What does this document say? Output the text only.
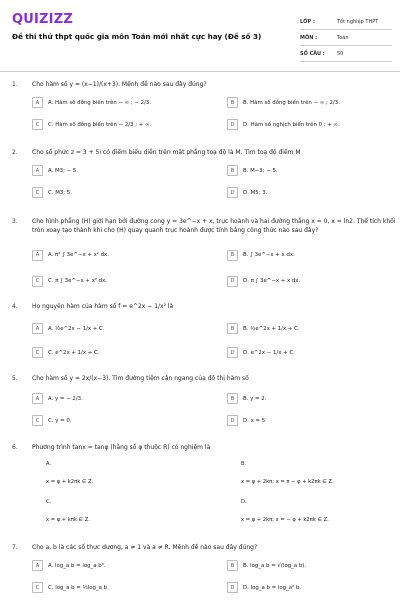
QUIZIZZ
Đề thi thử thpt quốc gia môn Toán mới nhất cực hay (Đề số 3)
LỚP :	Tốt nghiệp THPT
MÔN :	Toán
SỐ CÂU :	50
1.	Cho hàm số y = (x−1)/(x+3). Mệnh đề nào sau đây đúng?
A	A. Hàm số đồng biến trên − ∞ ; − 2/3.	B	B. Hàm số đồng biến trên − ∞ ; 2/3.
C	C. Hàm số đồng biến trên − 2/3 ; + ∞.	D	D. Hàm số nghịch biến trên 0 ; + ∞.
2.	Cho số phức z = 3 + 5i có điểm biểu diễn trên mặt phẳng toạ độ là M. Tìm toạ độ điểm M
A	A. M3; − 5.	B	B. M−3; − 5.
C	C. M3; 5.	D	D. M5; 3.
3.	Cho hình phẳng (H) giới hạn bởi đường cong y = 3e^−x + x, trục hoành và hai đường thẳng x = 0, x = ln2. Thể tích khối tròn xoay tạo thành khi cho (H) quay quanh trục hoành được tính bằng công thức nào sau đây?
A	A. π² ∫ 3e^−x + x² dx.	B	B. ∫ 3e^−x + x dx.
C	C. π ∫ 3e^−x + x² dx.	D	D. π ∫ 3e^−x + x dx.
4.	Họ nguyên hàm của hàm số f = e^2x − 1/x² là
A	A. ½e^2x − 1/x + C.	B	B. ½e^2x + 1/x + C.
C	C. e^2x + 1/x + C.	D	D. e^2x − 1/x + C.
5.	Cho hàm số y = 2x/(x−3). Tìm đường tiệm cận ngang của đồ thị hàm số
A	A. y = − 2/3.	B	B. y = 2.
C	C. y = 0.	D	D. x = 5
6.	Phương trình tanx = tanφ (hằng số φ thuộc R) có nghiệm là
A.
x = φ + k2πk ∈ Z.
B.
x = φ + 2kπ; x = π − φ + k2πk ∈ Z.
C.
x = φ + kπk ∈ Z.
D.
x = φ + 2kπ; x = − φ + k2πk ∈ Z.
7.	Cho a, b là các số thực dương, a ≠ 1 và a ≠ R. Mệnh đề nào sau đây đúng?
A	A. log_a b = log_a b³.	B	B. log_a b = √(log_a b).
C	C. log_a b = ⅓log_a b.	D	D. log_a b = log_a² b.
